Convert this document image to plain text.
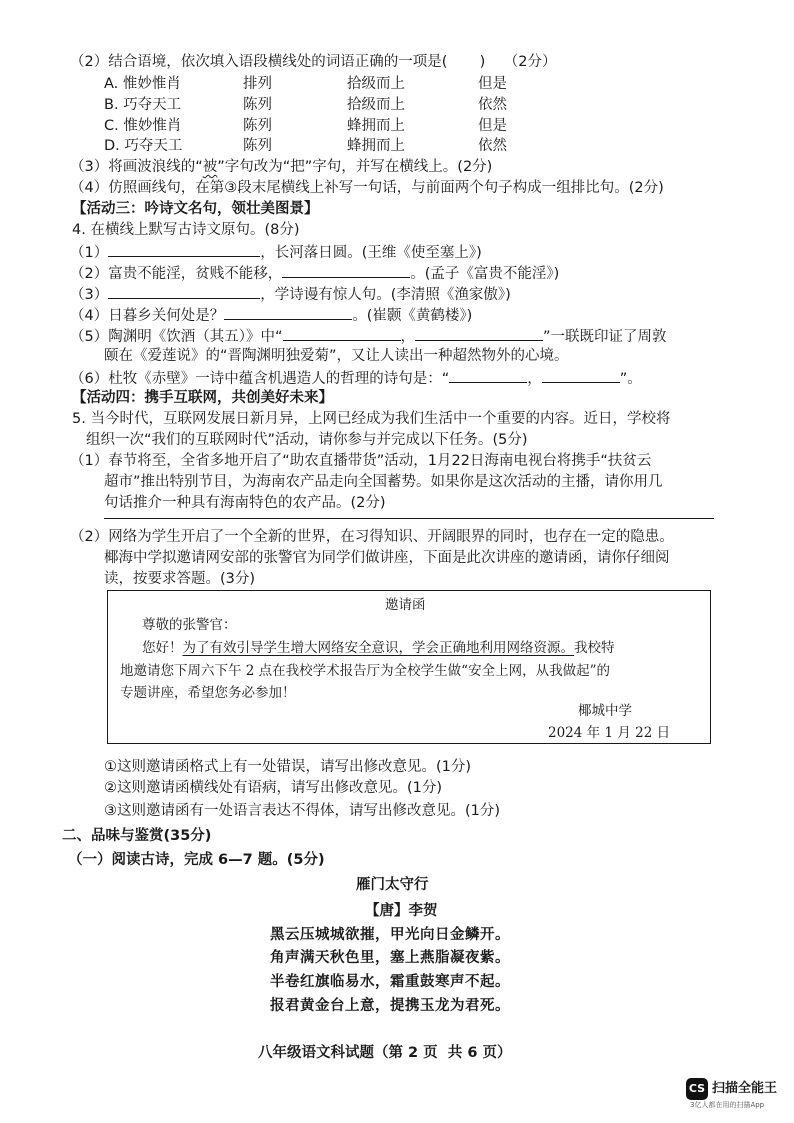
（2）结合语境，依次填入语段横线处的词语正确的一项是(       )    （2分）
A. 惟妙惟肖	排列	拾级而上	但是
B. 巧夺天工	陈列	拾级而上	依然
C. 惟妙惟肖	陈列	蜂拥而上	但是
D. 巧夺天工	陈列	蜂拥而上	依然
（3）将画波浪线的“被”字句改为“把”字句，并写在横线上。(2分)
（4）仿照画线句，在第③段末尾横线上补写一句话，与前面两个句子构成一组排比句。(2分)
【活动三：吟诗文名句，领壮美图景】
4. 在横线上默写古诗文原句。(8分)
（1）	，长河落日圆。(王维《使至塞上》)
（2）富贵不能淫，贫贱不能移，	。(孟子《富贵不能淫》)
（3）	，学诗谩有惊人句。(李清照《渔家傲》)
（4）日暮乡关何处是？	。(崔颢《黄鹤楼》)
（5）陶渊明《饮酒（其五）》中“	，	”一联既印证了周敦
颐在《爱莲说》的“晋陶渊明独爱菊”，又让人读出一种超然物外的心境。
（6）杜牧《赤壁》一诗中蕴含机遇造人的哲理的诗句是：“	，	”。
【活动四：携手互联网，共创美好未来】
5. 当今时代，互联网发展日新月异，上网已经成为我们生活中一个重要的内容。近日，学校将
组织一次“我们的互联网时代”活动，请你参与并完成以下任务。(5分)
（1）春节将至，全省多地开启了“助农直播带货”活动，1月22日海南电视台将携手“扶贫云
超市”推出特别节目，为海南农产品走向全国蓄势。如果你是这次活动的主播，请你用几
句话推介一种具有海南特色的农产品。(2分)
（2）网络为学生开启了一个全新的世界，在习得知识、开阔眼界的同时，也存在一定的隐患。
椰海中学拟邀请网安部的张警官为同学们做讲座，下面是此次讲座的邀请函，请你仔细阅
读，按要求答题。(3分)
邀请函
尊敬的张警官：
您好！为了有效引导学生增大网络安全意识，学会正确地利用网络资源。我校特
地邀请您下周六下午 2 点在我校学术报告厅为全校学生做“安全上网，从我做起”的
专题讲座，希望您务必参加！
椰城中学
2024 年 1 月 22 日
①这则邀请函格式上有一处错误，请写出修改意见。(1分)
②这则邀请函横线处有语病，请写出修改意见。(1分)
③这则邀请函有一处语言表达不得体，请写出修改意见。(1分)
二、品味与鉴赏(35分)
（一）阅读古诗，完成 6—7 题。(5分)
雁门太守行
【唐】李贺
黑云压城城欲摧，甲光向日金鳞开。
角声满天秋色里，塞上燕脂凝夜紫。
半卷红旗临易水，霜重鼓寒声不起。
报君黄金台上意，提携玉龙为君死。
八年级语文科试题（第 2 页  共 6 页）
CS 扫描全能王
3亿人都在用的扫描App
